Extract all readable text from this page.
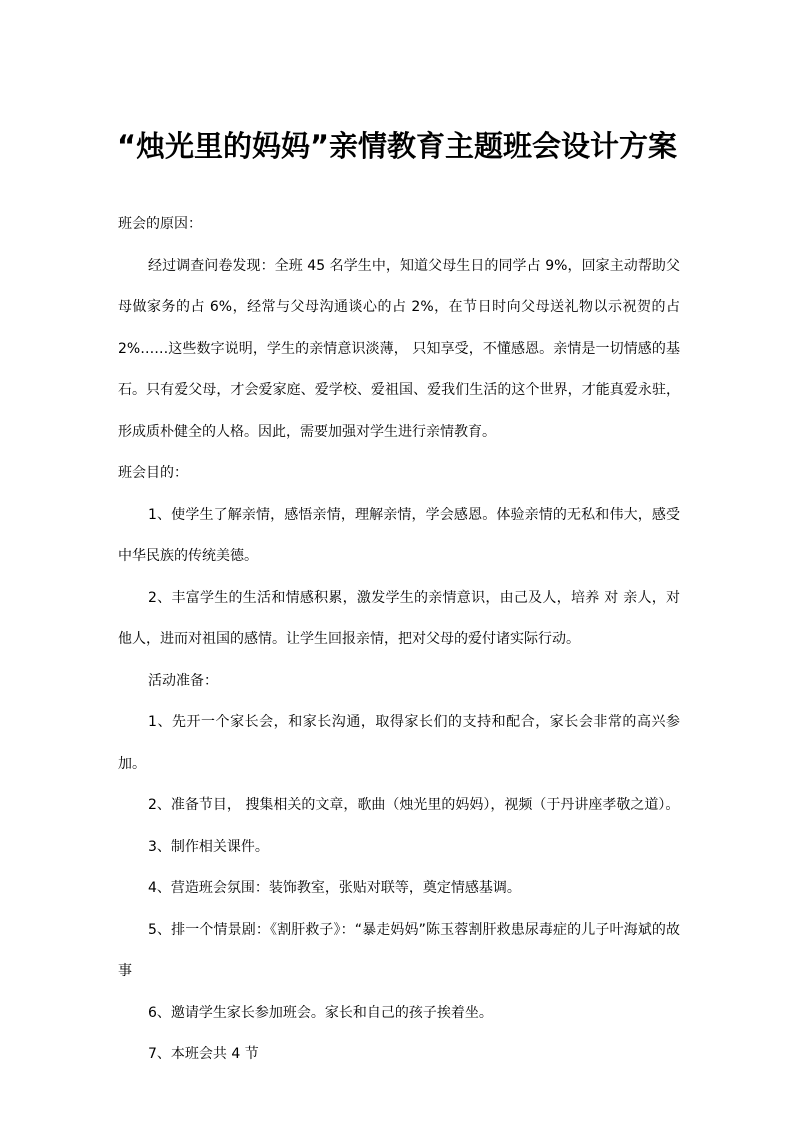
“烛光里的妈妈”亲情教育主题班会设计方案

班会的原因：

经过调查问卷发现：全班 45 名学生中，知道父母生日的同学占 9%，回家主动帮助父母做家务的占 6%，经常与父母沟通谈心的占 2%，在节日时向父母送礼物以示祝贺的占 2%……这些数字说明，学生的亲情意识淡薄， 只知享受，不懂感恩。亲情是一切情感的基石。只有爱父母，才会爱家庭、爱学校、爱祖国、爱我们生活的这个世界，才能真爱永驻，形成质朴健全的人格。因此，需要加强对学生进行亲情教育。

班会目的：

1、使学生了解亲情，感悟亲情，理解亲情，学会感恩。体验亲情的无私和伟大，感受中华民族的传统美德。

2、丰富学生的生活和情感积累，激发学生的亲情意识，由己及人，培养 对 亲人，对他人，进而对祖国的感情。让学生回报亲情，把对父母的爱付诸实际行动。

活动准备：

1、先开一个家长会，和家长沟通，取得家长们的支持和配合，家长会非常的高兴参加。

2、准备节目， 搜集相关的文章，歌曲（烛光里的妈妈），视频（于丹讲座孝敬之道）。

3、制作相关课件。

4、营造班会氛围：装饰教室，张贴对联等，奠定情感基调。

5、排一个情景剧：《割肝救子》：“暴走妈妈”陈玉蓉割肝救患尿毒症的儿子叶海斌的故事

6、邀请学生家长参加班会。家长和自己的孩子挨着坐。

7、本班会共 4 节
